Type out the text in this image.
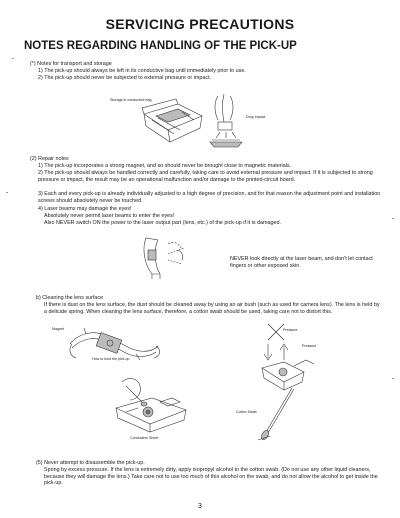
SERVICING PRECAUTIONS
NOTES REGARDING HANDLING OF THE PICK-UP
(*) Notes for transport and storage
1) The pick-up should always be left in its conductive bag until immediately prior to use.
2) The pick-up should never be subjected to external pressure or impact.
Storage in conductive bag
Drop impact
(2) Repair notes
1) The pick-up incorporates a strong magnet, and so should never be brought close to magnetic materials.
2) The pick-up should always be handled correctly and carefully, taking care to avoid external pressure and impact. If it is subjected to strong pressure or impact, the result may be an operational malfunction and/or damage to the printed-circuit board.
3) Each and every pick-up is already individually adjusted to a high degree of precision, and for that reason the adjustment point and installation screws should absolutely never be touched.
4) Laser beams may damage the eyes!
Absolutely never permit laser beams to enter the eyes!
Also NEVER switch ON the power to the laser output part (lens, etc.) of the pick-up if it is damaged.
NEVER look directly at the laser beam, and don't let contact fingers or other exposed skin.
b) Cleaning the lens surface
If there is dust on the lens surface, the dust should be cleaned away by using an air bush (such as used for camera lens). The lens is held by a delicate spring. When cleaning the lens surface, therefore, a cotton swab should be used, taking care not to distort this.
Magnet
How to hold the pick-up
Pressure
Pressure
Cotton Swab
Conductive Sheet
(5) Never attempt to disassemble the pick-up.
Spring by excess pressure. If the lens is extremely dirty, apply isopropyl alcohol to the cotton swab. (Do not use any other liquid cleaners, because they will damage the lens.) Take care not to use too much of this alcohol on the swab, and do not allow the alcohol to get inside the pick-up.
3
